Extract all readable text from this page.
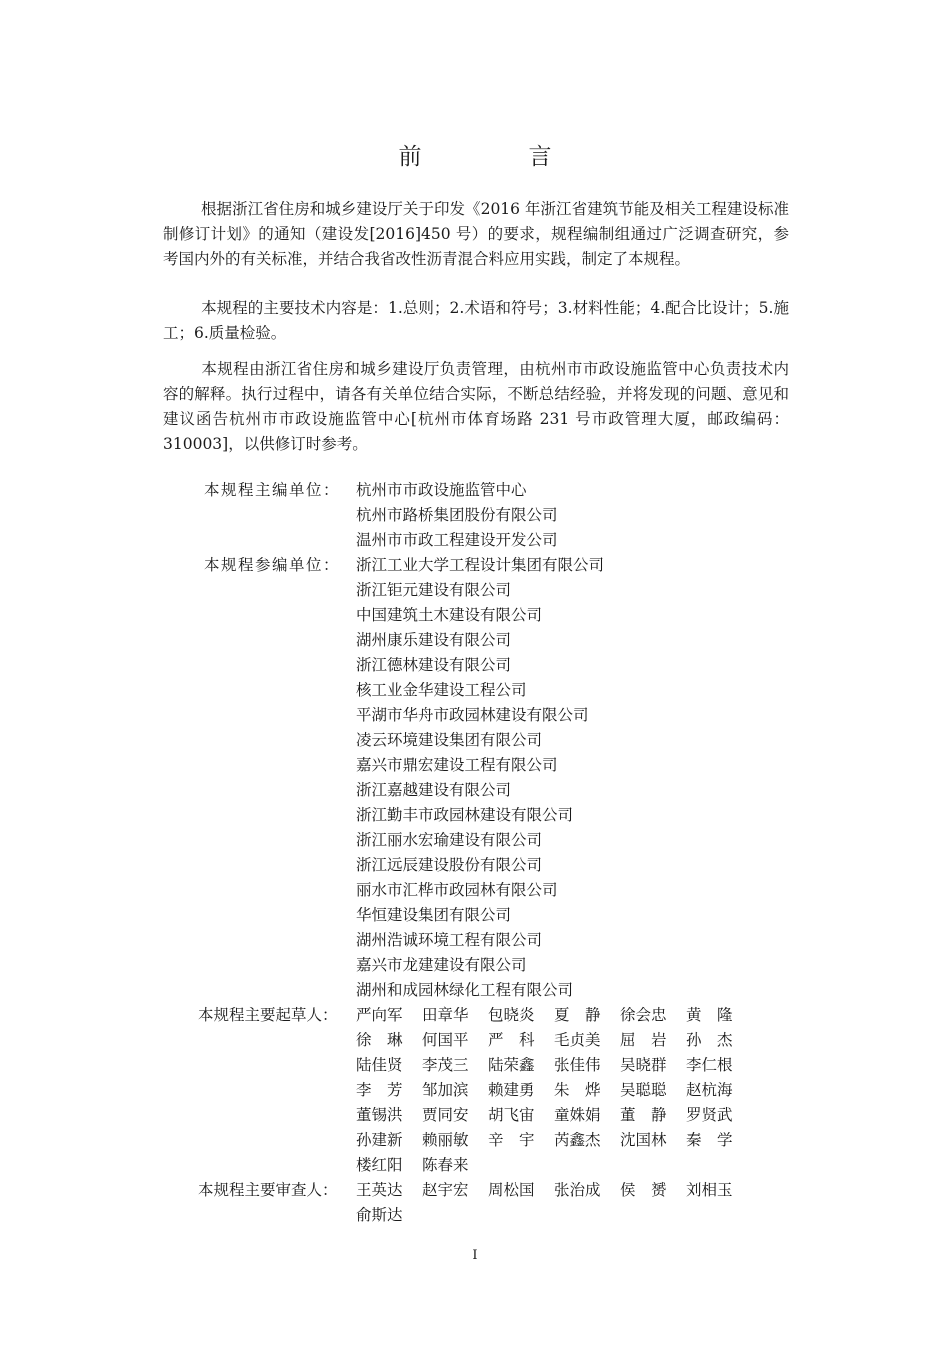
前　言
根据浙江省住房和城乡建设厅关于印发《2016 年浙江省建筑节能及相关工程建设标准制修订计划》的通知（建设发[2016]450 号）的要求，规程编制组通过广泛调查研究，参考国内外的有关标准，并结合我省改性沥青混合料应用实践，制定了本规程。
本规程的主要技术内容是：1.总则；2.术语和符号；3.材料性能；4.配合比设计；5.施工；6.质量检验。
本规程由浙江省住房和城乡建设厅负责管理，由杭州市市政设施监管中心负责技术内容的解释。执行过程中，请各有关单位结合实际，不断总结经验，并将发现的问题、意见和建议函告杭州市市政设施监管中心[杭州市体育场路 231 号市政管理大厦，邮政编码：310003]，以供修订时参考。
本规程主编单位：	杭州市市政设施监管中心
杭州市路桥集团股份有限公司
温州市市政工程建设开发公司
本规程参编单位：	浙江工业大学工程设计集团有限公司
浙江钜元建设有限公司
中国建筑土木建设有限公司
湖州康乐建设有限公司
浙江德林建设有限公司
核工业金华建设工程公司
平湖市华舟市政园林建设有限公司
凌云环境建设集团有限公司
嘉兴市鼎宏建设工程有限公司
浙江嘉越建设有限公司
浙江勤丰市政园林建设有限公司
浙江丽水宏瑜建设有限公司
浙江远辰建设股份有限公司
丽水市汇桦市政园林有限公司
华恒建设集团有限公司
湖州浩诚环境工程有限公司
嘉兴市龙建建设有限公司
湖州和成园林绿化工程有限公司
本规程主要起草人： 严向军 田章华 包晓炎 夏　静 徐会忠 黄　隆
徐　琳 何国平 严　科 毛贞美 屈　岩 孙　杰
陆佳贤 李茂三 陆荣鑫 张佳伟 吴晓群 李仁根
李　芳 邹加滨 赖建勇 朱　烨 吴聪聪 赵杭海
董锡洪 贾同安 胡飞宙 童姝娟 董　静 罗贤武
孙建新 赖丽敏 辛　宇 芮鑫杰 沈国林 秦　学
楼红阳 陈春来
本规程主要审查人： 王英达 赵宇宏 周松国 张治成 侯　赟 刘相玉
俞斯达
I
